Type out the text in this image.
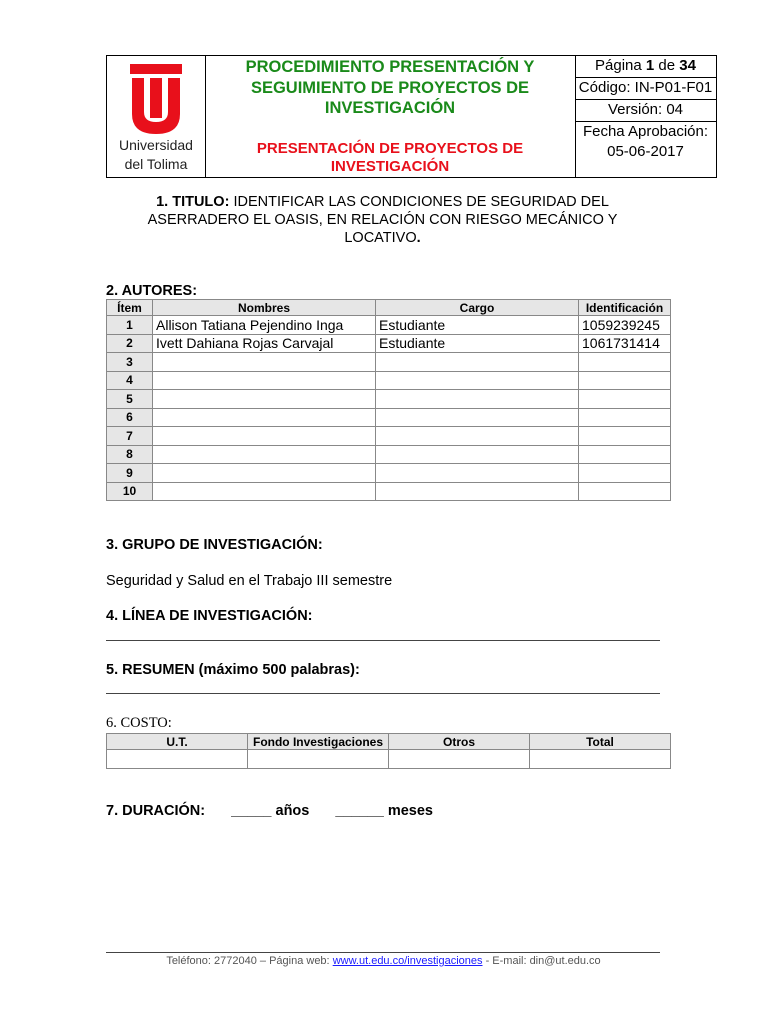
Universidad
del Tolima
PROCEDIMIENTO PRESENTACIÓN Y
SEGUIMIENTO DE PROYECTOS DE
INVESTIGACIÓN
PRESENTACIÓN DE PROYECTOS DE
INVESTIGACIÓN
Página 1 de 34
Código: IN-P01-F01
Versión: 04
Fecha Aprobación:
05-06-2017
1. TITULO: IDENTIFICAR LAS CONDICIONES DE SEGURIDAD DEL
ASERRADERO EL OASIS, EN RELACIÓN CON RIESGO MECÁNICO Y
LOCATIVO.
2. AUTORES:
Ítem	Nombres	Cargo	Identificación
1	Allison Tatiana Pejendino Inga	Estudiante	1059239245
2	Ivett Dahiana Rojas Carvajal	Estudiante	1061731414
3			
4			
5			
6			
7			
8			
9			
10			
3. GRUPO DE INVESTIGACIÓN:
Seguridad y Salud en el Trabajo III semestre
4. LÍNEA DE INVESTIGACIÓN:
5. RESUMEN (máximo 500 palabras):
6. COSTO:
U.T.	Fondo Investigaciones	Otros	Total

7. DURACIÓN: _____ años ______ meses
Teléfono: 2772040 – Página web: www.ut.edu.co/investigaciones - E-mail: din@ut.edu.co
